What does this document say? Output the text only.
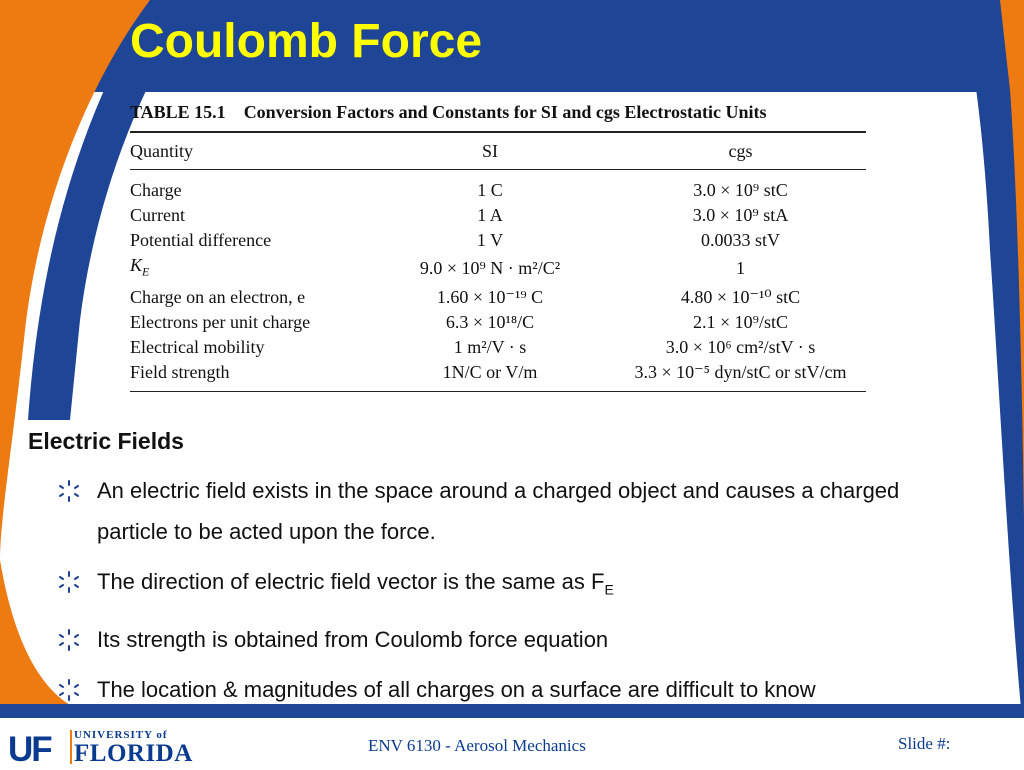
Coulomb Force
TABLE 15.1 Conversion Factors and Constants for SI and cgs Electrostatic Units
Quantity	SI	cgs
Charge	1 C	3.0 × 10⁹ stC
Current	1 A	3.0 × 10⁹ stA
Potential difference	1 V	0.0033 stV
$K_E$	9.0 × 10⁹ N · m²/C²	1
Charge on an electron, e	1.60 × 10⁻¹⁹ C	4.80 × 10⁻¹⁰ stC
Electrons per unit charge	6.3 × 10¹⁸/C	2.1 × 10⁹/stC
Electrical mobility	1 m²/V · s	3.0 × 10⁶ cm²/stV · s
Field strength	1N/C or V/m	3.3 × 10⁻⁵ dyn/stC or stV/cm
Electric Fields
An electric field exists in the space around a charged object and causes a charged particle to be acted upon the force.
The direction of electric field vector is the same as $F_E$
Its strength is obtained from Coulomb force equation
The location & magnitudes of all charges on a surface are difficult to know
UF UNIVERSITY of
FLORIDA	ENV 6130 - Aerosol Mechanics	Slide #:
